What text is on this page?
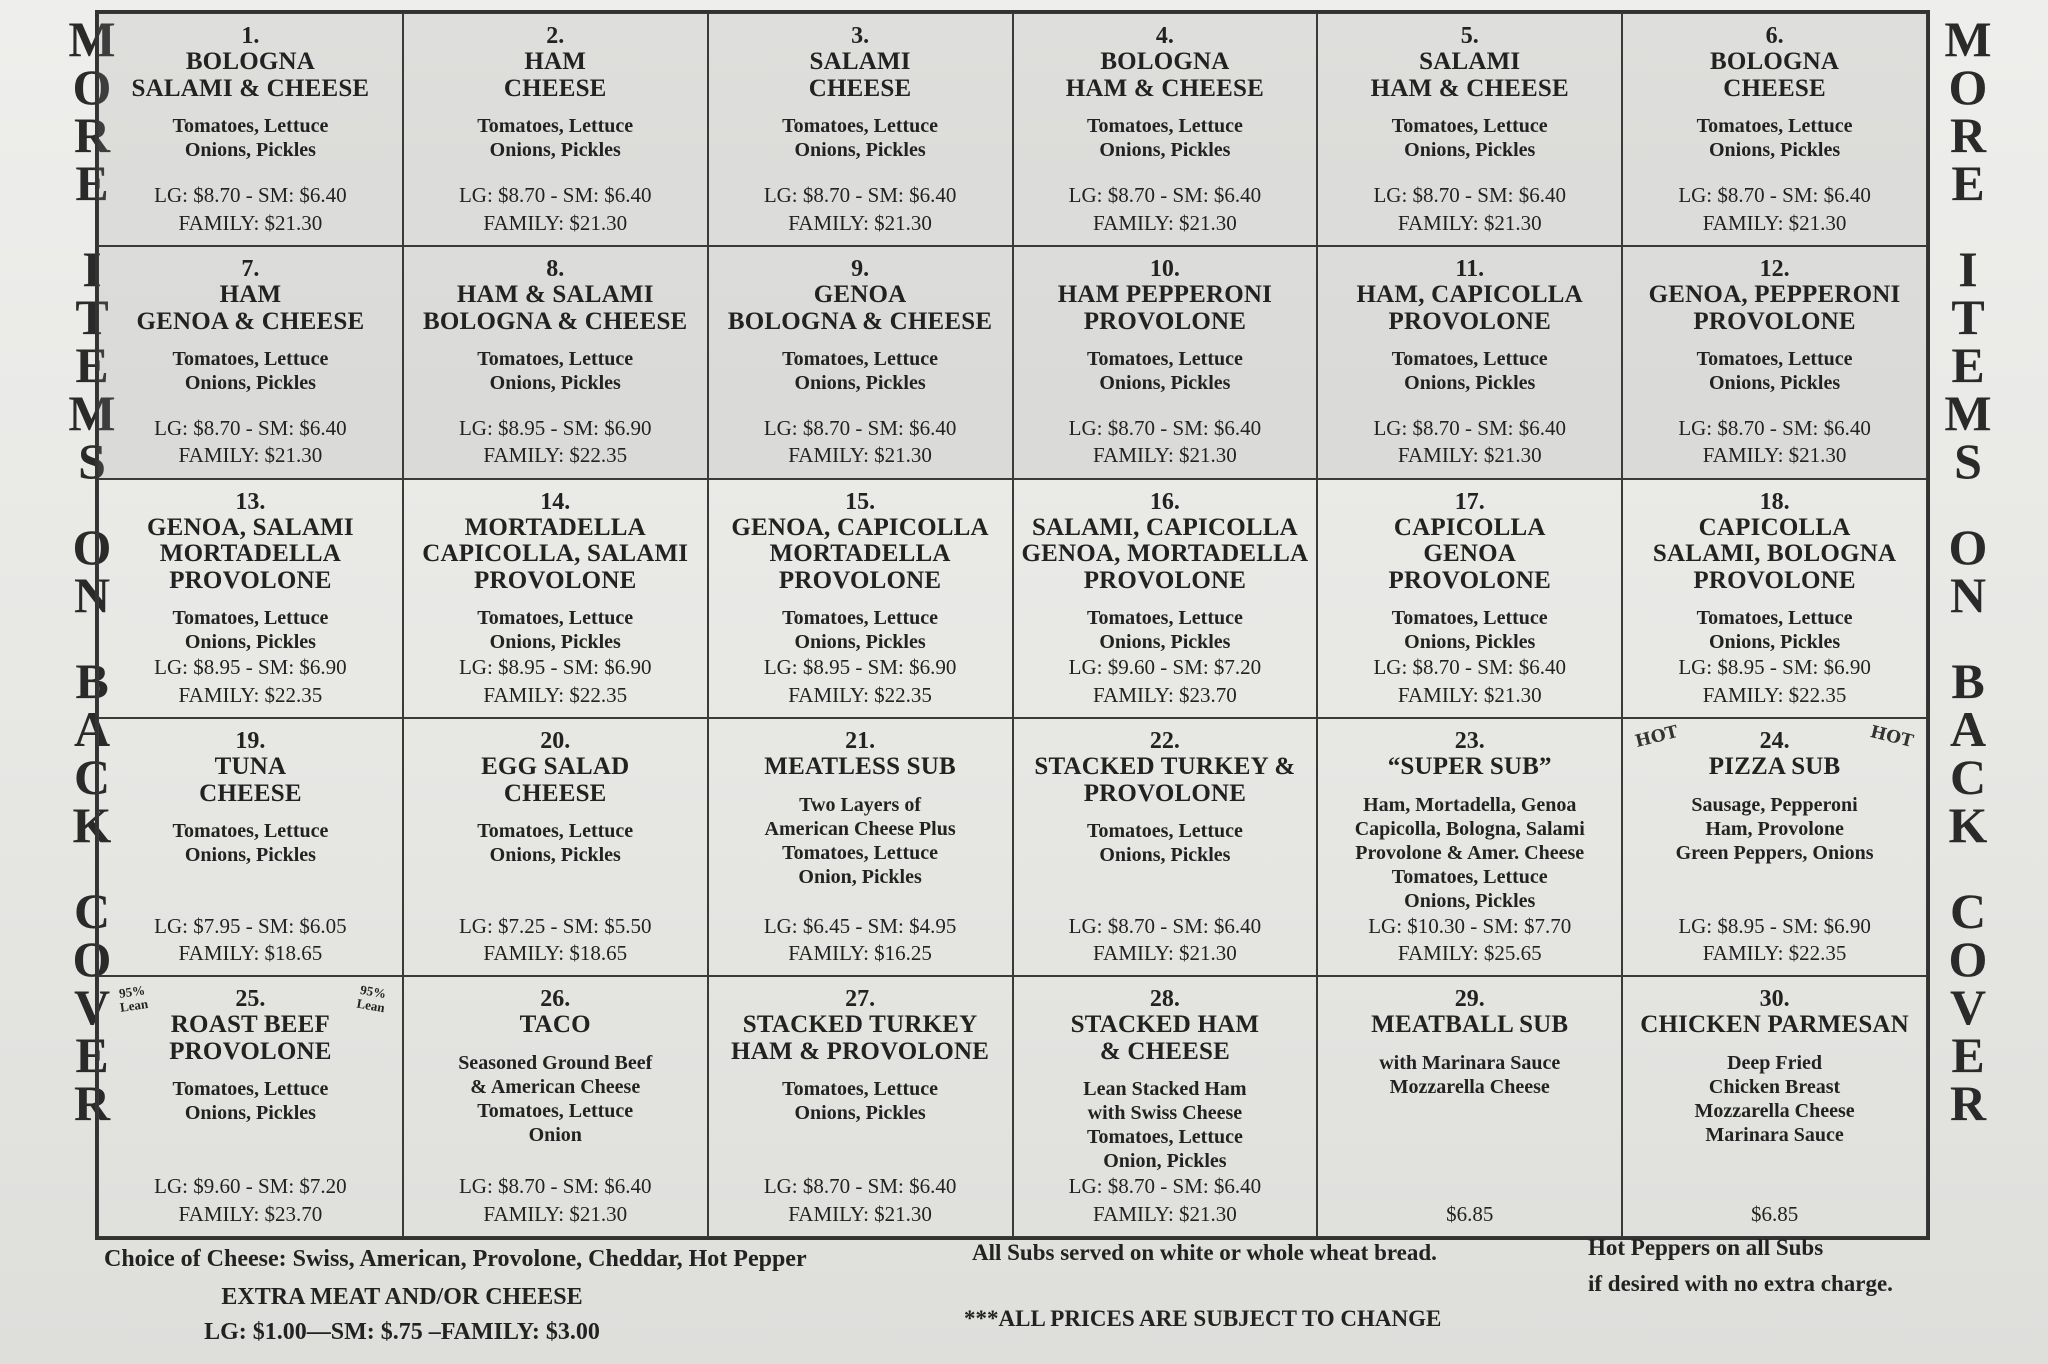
M
O
R
E
I
T
E
M
S
O
N
B
A
C
K
C
O
V
E
R
M
O
R
E
I
T
E
M
S
O
N
B
A
C
K
C
O
V
E
R
1.
BOLOGNA
SALAMI & CHEESE
Tomatoes, Lettuce
Onions, Pickles
LG: $8.70 - SM: $6.40
FAMILY: $21.30
2.
HAM
CHEESE
Tomatoes, Lettuce
Onions, Pickles
LG: $8.70 - SM: $6.40
FAMILY: $21.30
3.
SALAMI
CHEESE
Tomatoes, Lettuce
Onions, Pickles
LG: $8.70 - SM: $6.40
FAMILY: $21.30
4.
BOLOGNA
HAM & CHEESE
Tomatoes, Lettuce
Onions, Pickles
LG: $8.70 - SM: $6.40
FAMILY: $21.30
5.
SALAMI
HAM & CHEESE
Tomatoes, Lettuce
Onions, Pickles
LG: $8.70 - SM: $6.40
FAMILY: $21.30
6.
BOLOGNA
CHEESE
Tomatoes, Lettuce
Onions, Pickles
LG: $8.70 - SM: $6.40
FAMILY: $21.30
7.
HAM
GENOA & CHEESE
Tomatoes, Lettuce
Onions, Pickles
LG: $8.70 - SM: $6.40
FAMILY: $21.30
8.
HAM & SALAMI
BOLOGNA & CHEESE
Tomatoes, Lettuce
Onions, Pickles
LG: $8.95 - SM: $6.90
FAMILY: $22.35
9.
GENOA
BOLOGNA & CHEESE
Tomatoes, Lettuce
Onions, Pickles
LG: $8.70 - SM: $6.40
FAMILY: $21.30
10.
HAM PEPPERONI
PROVOLONE
Tomatoes, Lettuce
Onions, Pickles
LG: $8.70 - SM: $6.40
FAMILY: $21.30
11.
HAM, CAPICOLLA
PROVOLONE
Tomatoes, Lettuce
Onions, Pickles
LG: $8.70 - SM: $6.40
FAMILY: $21.30
12.
GENOA, PEPPERONI
PROVOLONE
Tomatoes, Lettuce
Onions, Pickles
LG: $8.70 - SM: $6.40
FAMILY: $21.30
13.
GENOA, SALAMI
MORTADELLA
PROVOLONE
Tomatoes, Lettuce
Onions, Pickles
LG: $8.95 - SM: $6.90
FAMILY: $22.35
14.
MORTADELLA
CAPICOLLA, SALAMI
PROVOLONE
Tomatoes, Lettuce
Onions, Pickles
LG: $8.95 - SM: $6.90
FAMILY: $22.35
15.
GENOA, CAPICOLLA
MORTADELLA
PROVOLONE
Tomatoes, Lettuce
Onions, Pickles
LG: $8.95 - SM: $6.90
FAMILY: $22.35
16.
SALAMI, CAPICOLLA
GENOA, MORTADELLA
PROVOLONE
Tomatoes, Lettuce
Onions, Pickles
LG: $9.60 - SM: $7.20
FAMILY: $23.70
17.
CAPICOLLA
GENOA
PROVOLONE
Tomatoes, Lettuce
Onions, Pickles
LG: $8.70 - SM: $6.40
FAMILY: $21.30
18.
CAPICOLLA
SALAMI, BOLOGNA
PROVOLONE
Tomatoes, Lettuce
Onions, Pickles
LG: $8.95 - SM: $6.90
FAMILY: $22.35
19.
TUNA
CHEESE
Tomatoes, Lettuce
Onions, Pickles
LG: $7.95 - SM: $6.05
FAMILY: $18.65
20.
EGG SALAD
CHEESE
Tomatoes, Lettuce
Onions, Pickles
LG: $7.25 - SM: $5.50
FAMILY: $18.65
21.
MEATLESS SUB
Two Layers of
American Cheese Plus
Tomatoes, Lettuce
Onion, Pickles
LG: $6.45 - SM: $4.95
FAMILY: $16.25
22.
STACKED TURKEY &
PROVOLONE
Tomatoes, Lettuce
Onions, Pickles
LG: $8.70 - SM: $6.40
FAMILY: $21.30
23.
“SUPER SUB”
Ham, Mortadella, Genoa
Capicolla, Bologna, Salami
Provolone & Amer. Cheese
Tomatoes, Lettuce
Onions, Pickles
LG: $10.30 - SM: $7.70
FAMILY: $25.65
HOT	HOT
24.
PIZZA SUB
Sausage, Pepperoni
Ham, Provolone
Green Peppers, Onions
LG: $8.95 - SM: $6.90
FAMILY: $22.35
95%
Lean
95%
Lean
25.
ROAST BEEF
PROVOLONE
Tomatoes, Lettuce
Onions, Pickles
LG: $9.60 - SM: $7.20
FAMILY: $23.70
26.
TACO
Seasoned Ground Beef
& American Cheese
Tomatoes, Lettuce
Onion
LG: $8.70 - SM: $6.40
FAMILY: $21.30
27.
STACKED TURKEY
HAM & PROVOLONE
Tomatoes, Lettuce
Onions, Pickles
LG: $8.70 - SM: $6.40
FAMILY: $21.30
28.
STACKED HAM
& CHEESE
Lean Stacked Ham
with Swiss Cheese
Tomatoes, Lettuce
Onion, Pickles
LG: $8.70 - SM: $6.40
FAMILY: $21.30
29.
MEATBALL SUB
with Marinara Sauce
Mozzarella Cheese
$6.85
30.
CHICKEN PARMESAN
Deep Fried
Chicken Breast
Mozzarella Cheese
Marinara Sauce
$6.85
Choice of Cheese: Swiss, American, Provolone, Cheddar, Hot Pepper
EXTRA MEAT AND/OR CHEESE
LG: $1.00—SM: $.75 –FAMILY: $3.00
All Subs served on white or whole wheat bread.
***ALL PRICES ARE SUBJECT TO CHANGE
Hot Peppers on all Subs
if desired with no extra charge.
